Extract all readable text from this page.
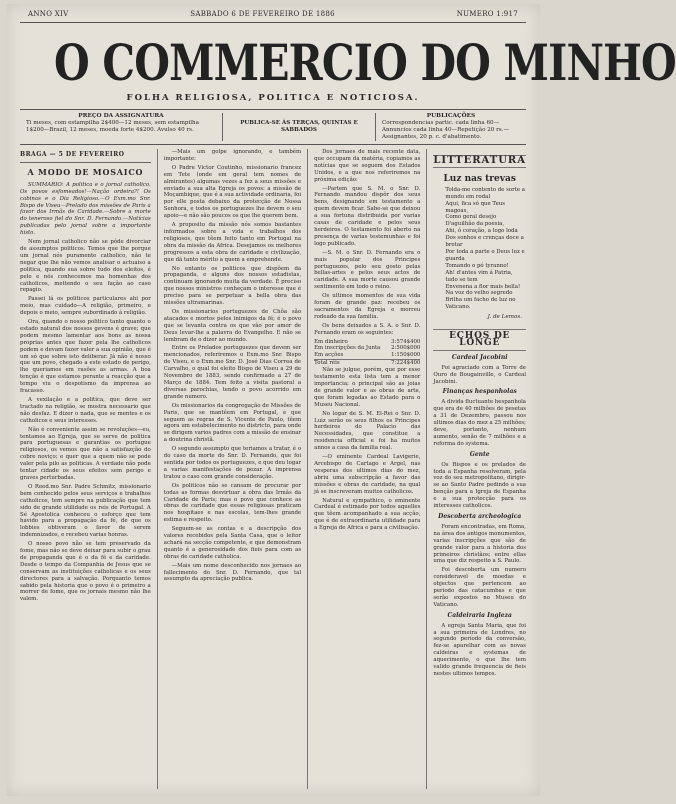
ANNO XIV	SABBADO 6 DE FEVEREIRO DE 1886	NUMERO 1:917
O COMMERCIO DO MINHO
FOLHA RELIGIOSA, POLITICA E NOTICIOSA.
PREÇO DA ASSIGNATURA
Ti meses, com estampilha 2$400—12 meses, sem estampilha 1$200—Brazil, 12 meses, moeda forte 4$200. Avulso 40 rs.
PUBLICA-SE ÁS TERÇAS, QUINTAS E SABBADOS
PUBLICAÇÕES
Correspondencias partic. cada linha 60—Annuncios cada linha 40—Repetição 20 rs.—Assignantes, 20 p. c. d'abatimento.
BRAGA — 5 DE FEVEREIRO
A MODO DE MOSAICO

SUMMARIO: A politica e o jornal catholico. Os povos esfomeados!—Nação ordeira?! Os cabinas e o Dia Religioso.—O Exm.mo Snr. Bispo de Viseu—Prelado dos missões de Paris a favor dos Irmãs de Caridade.—Sobre a morte do teneroso fiel do Snr. D. Fernando.—Notícias publicadas pelo jornal sobre a importante histo.

Nem jornal catholico não se póde divorciar de assumptos politicos. Temos que lhe porque um jornal nós puramente catholico, não te negar que lhe não vemos analisar o actuaiso a politica, quando sua sobre tudo dos eleitos, é pelo e nós conhecemos ma homenhas dos catholicos, mettendo o seu fação ao caso repagio.

Passei lá os politicos particulares ahi por meio, mas cuidado—A religião, primeiro, e depois o meio, sempre subordinado á religião.

Ora, quando o nosso politico tanto quanto o estado natural dos nossos gevens é grave; que podem mesmo lamentar aos bons as nossa proprias antes que fazer pela lhe catholicos podem e devam fazer valer a sua opinião, que é um só que sobre isto deliberar. Já não é nosso que um povo, chegado a este estado de perigo, lhe queriamos em rasões as armas. A boa tenção é que estamos perante a reacção que a tempo viu o despotismo da imprensa ao fracasso.

A vexilação e a politica, que deve ser tractado na religião, se mostra necessario que não desfaz. E dizer o nada, que se mentes e os catholicos e seus interesses.

Não é conveniente assim se revoluções—eu, tentamos ao Egreja, que se serve de politica para portuguesas e garantias os portugue religiosos, os vemos que não a satisfazção do cobre noviço; e quer que a quem não se pode valer pela pilo as politicas. A verdade não pode tentar cidade os seus efeitos sem perigo e graves perturbadas.

O Reed.mo Snr. Padre Schmitz, missionario bem conhecido pelos seus serviços e trabalhos catholicos, tem sempre na publicação que tem sido de grande utilidade os reis de Portugal. A Sé Apostolica conheceu o esforço que tem havido para a propagação da fé, de que os lobbies obtiveram o favor de serem indemnizados, e recebeu varias honras.

O nosso povo não se tem preservado da fome, mas não se deve deixar para subir o grau de propaganda que é o da fé e da caridade. Desde o tempo da Companhia de Jesus que se conservam as instituições catholicas e os seus directores para a salvação. Porquanto temos sabido pela historia que o povo é o primeiro a morrer de fome, que os jornais mesmo não lhe valem.

—Mais um golpe ignorando, e também importante:

O Padre Victor Coutinho, missionario francez em Tete (onde em geral tem nomes de almirantes) algumas vezes a fez a seus missões e enviado a sua alta Egreja os povos: a missão de Moçambique, que é a sua actividade ordinaria, foi por elle posta debaixo da protecção de Nossa Senhora, e todos os portuguezes lhe devem o seu apoio—e não são poucos os que lhe querem bem.

A proposito da missão nós somos bastantes informados sobre a vida e trabalhos dos religiosos, que têem feito tanto em Portugal na obra da missão da Africa. Desejamos os melhores progressos a esta obra de caridade e civilização, que dá tanto mérito a quem a emprehende.

No entanto os politicos que dispõem da propaganda, e alguns dos nossos estadistas, continuam ignorando muita da verdade. É preciso que nossos ministros conheçam o interesse que é preciso para se perpetuar a bella obra das missões ultramarinas.

Os missionarios portuguezes de Chôa são atacados e mortos pelos inimigos da fé; é o povo que se levanta contra os que vão por amor de Deus levar-lhe a palavra do Evangelho. E não se lembram de o dizer ao mundo.

Entre os Prelados portuguezes que devem ser mencionados, referiremos o Exm.mo Snr. Bispo de Viseu, e o Exm.mo Snr. D. José Dias Correa de Carvalho, o qual foi eleito Bispo de Viseu a 29 de Novembro de 1883, sendo confirmado a 27 de Março de 1884. Tem feito a visita pastoral a diversas parochias, tendo o povo acorrido em grande numero.

Os missionarios da congregação de Missões de Paris, que se mantêem em Portugal, e que seguem as regras de S. Vicente de Paulo, têem agora um estabelecimento no districto, para onde se dirigem varios padres com a missão de ensinar a doutrina christã.

O segundo assumpto que teriamos a tratar, é o do caso da morte do Snr. D. Fernando, que foi sentida por todos os portuguezes, e que deu logar a varias manifestações de pezar. A imprensa tratou o caso com grande consideração.

Os politicos não se cansam de procurar por todas as formas desvirtuar a obra das Irmãs da Caridade de Paris; mas o povo que conhece as obras de caridade que essas religiosas praticam nos hospitaes e nas escolas, tem-lhes grande estima e respeito.

Seguem-se as contas e a descripção dos valores recebidos pela Santa Casa, que o leitor achará na secção competente, e que demonstram quanto é a generosidade dos fieis para com as obras de caridade catholica.

—Mais um nome desconhecido nos jornaes ao fallecimento do Snr. D. Fernando, que tal assumpto da apreciação publica.

Dos jornaes de mais recente data, que occupam da matéria, copiamos as notícias que se seguem dos Estados Unidos, e a que nos referiremos na próxima edição:

—Partem que S. M. o Snr. D. Fernando mandou dispôr dos seus bens, designando em testamento a quem devem ficar. Sabe-se que deixou a sua fortuna distribuida por varias casas de caridade e pelos seus herdeiros. O testamento foi aberto na presença de varias testemunhas e foi logo publicado.

—S. M. o Snr. D. Fernando era o mais popular dos Principes portuguezes, pelo seu gosto pelas bellas-artes e pelos seus actos de caridade. A sua morte causou grande sentimento em todo o reino.

Os ultimos momentos de sua vida foram de grande paz: recebeu os sacramentos da Egreja e morreu rodeado da sua familia.

Os bens deixados a S. A. o Snr. D. Fernando eram os seguintes:

Em dinheiro	3:574$400
Em inscripções da Junta 2:500$000
Em acções	1:150$000
Total réis	7:224$400

Não se julgue, porém, que por esse testamento esta lista tem a menor importancia; o principal são as joias de grande valor e as obras de arte, que foram legadas ao Estado para o Museu Nacional.

No logar de S. M. El-Rei o Snr. D. Luiz serão os seus filhos os Principes herdeiros do Palacio das Necessidades, que constitue a residencia official e foi ha muitos annos a casa da familia real.

—O eminente Cardeal Lavigerie, Arcebispo de Cartago e Argel, nas vesperas dos ultimos dias do mez, abriu uma subscripção a favor das missões e obras de caridade, na qual já se inscreveram muitos catholicos.

Natural e sympathico, o eminente Cardeal é estimado por todos aquelles que têem acompanhado a sua acção, que é de extraordinaria utilidade para a Egreja de Africa e para a civilisação.

LITTERATURA
Luz nas trevas
Tolda-me contento de sorte a mundo em rodal
Aqui, fica só que Teus magoas,
Como geral desejo
D'aguilhão da poesia,
Ahi, ó coração, a logo loda
Dos sonhos e crenças doce a brotar
Por toda a parte o Deus luz e guarda
Tomando o pó tyranno!
Ah! d'antes vim á Patria, tudo se tem
Envenena a flor mais bella!
Na voz do velho segredo
Brilha um facho de luz no Vaticano.
J. de Lemos.
ECHOS DE LONGE
Cardeal Jacobini

Foi agraciado com a Torre de Ouro de Bougainville, o Cardeal Jacobini.

Finanças hespanholas

A divida fluctuante hespanhola que era de 40 milhões de pesetas a 31 de Dezembro, passou nos ultimos dias do mez a 25 milhões; deve, portanto, nenhum aumento, senão de 7 milhões e a reforma do systema.

Gente

Os Bispos e os prelados de toda a Espanha resolveram, pela voz do seu metropolitano, dirigir-se ao Santo Padre pedindo a sua benção para a Igreja de Espanha e a sua protecção para os interesses catholicos.

Descoberta archeologica

Foram encontradas, em Roma, na área dos antigos monumentos, varias inscripções que são de grande valor para a historia dos primeiros christãos; entre ellas uma que diz respeito a S. Paulo.

Foi descoberta um numero consideravel de moedas e objectos que pertencem ao periodo das catacumbas e que serão expostos no Museu do Vaticano.

Caldeiraria Ingleza

A egreja Santa Maria, que foi a sua primeira de Londres, no segundo período da conversão, fez-se aparelhar com as novas caldeiras e systemas de aquecimento, o que lhe tem valido grande frequencia de fieis nestes ultimos tempos.
